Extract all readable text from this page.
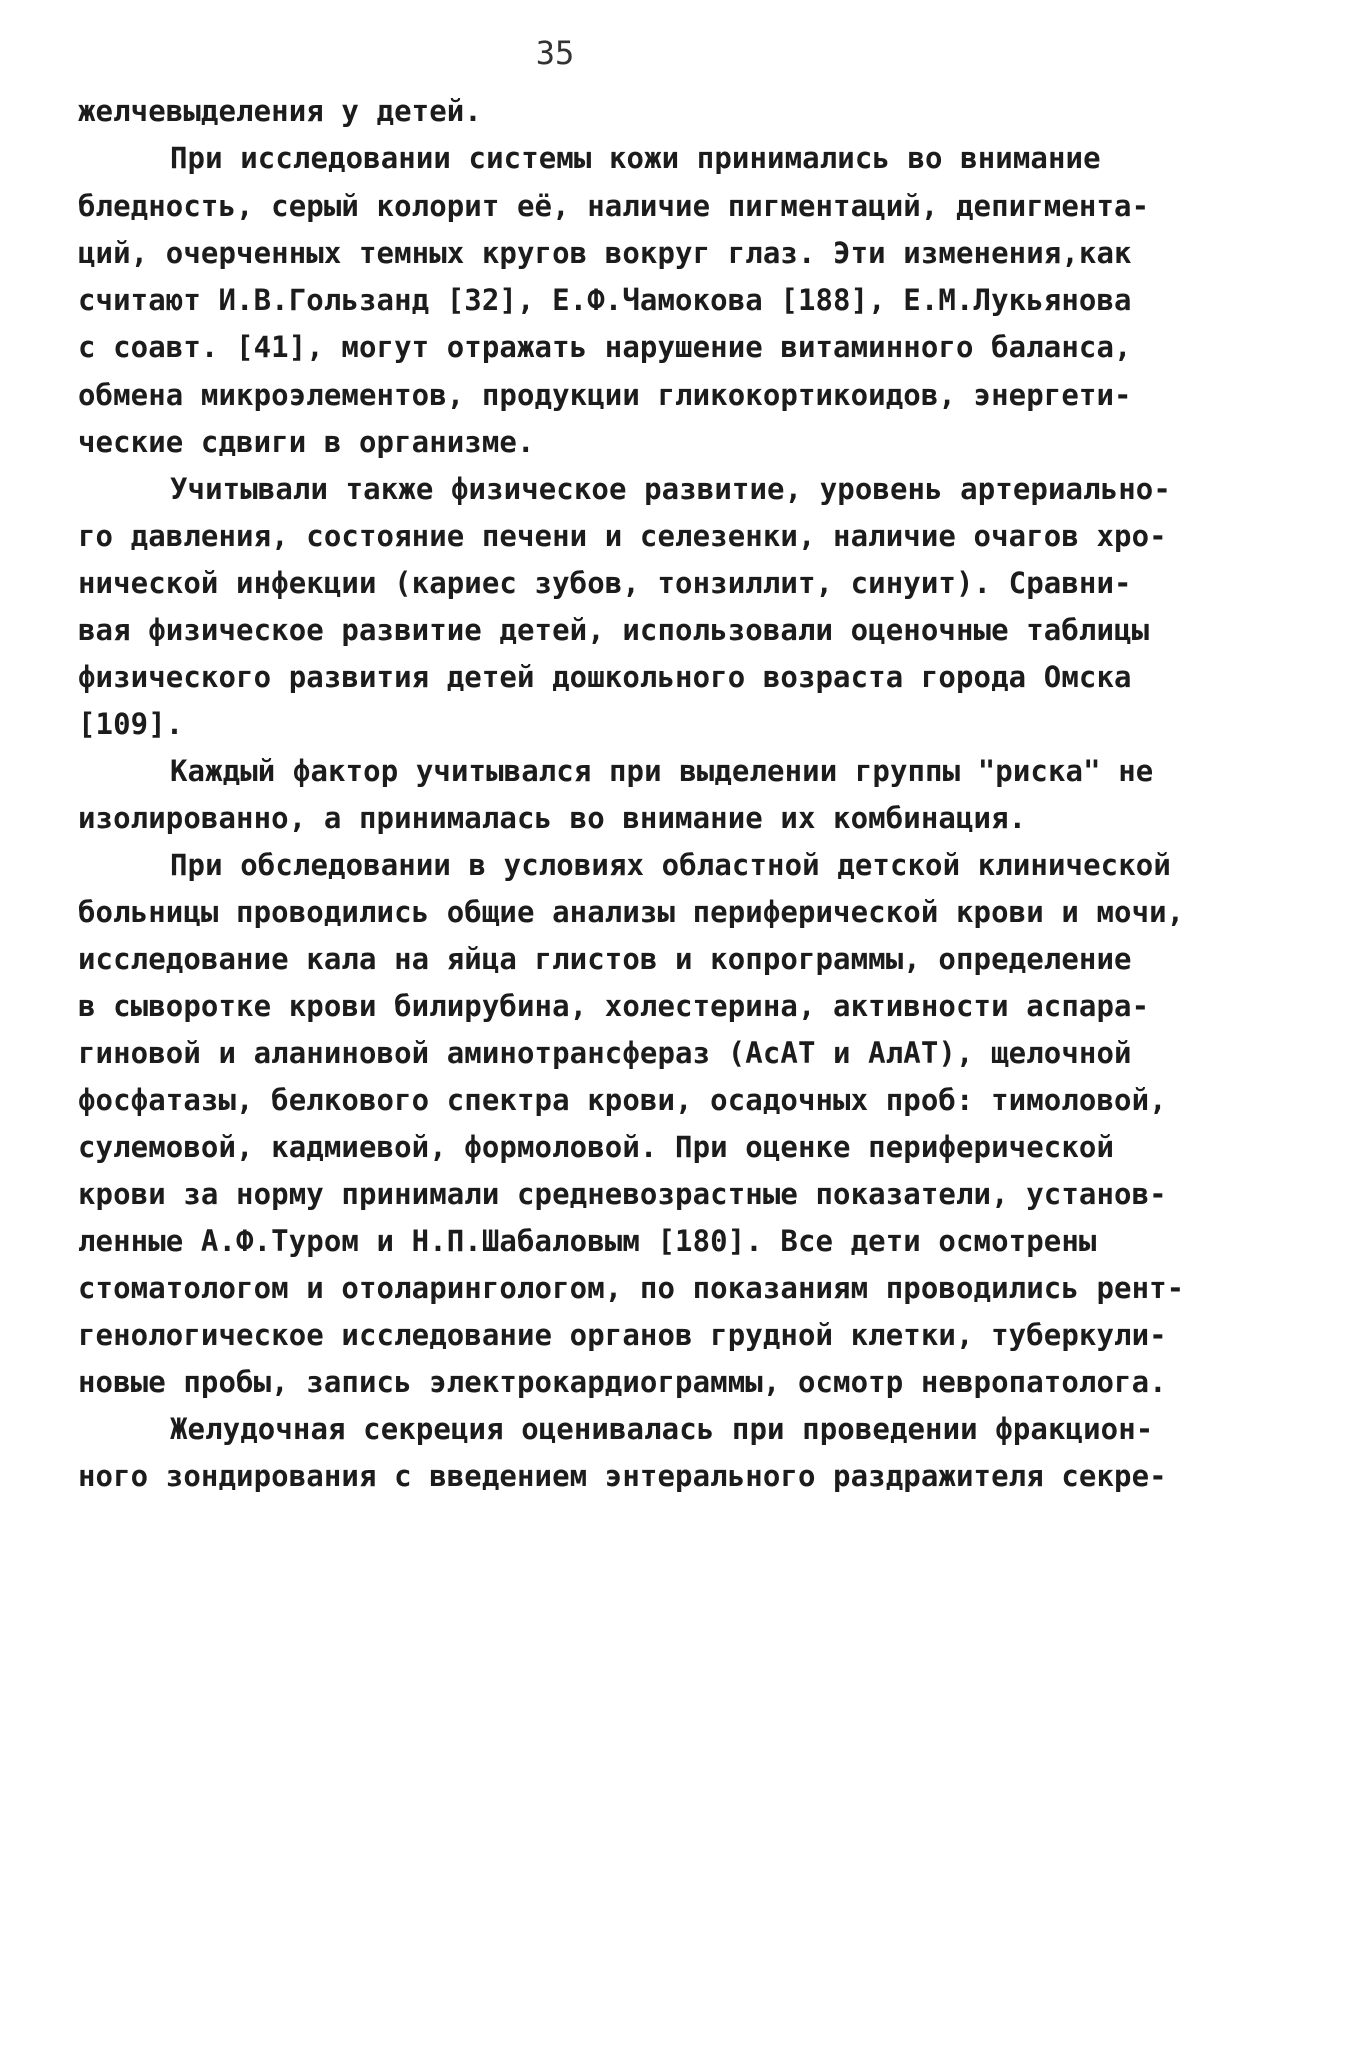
35
желчевыделения у детей.
При исследовании системы кожи принимались во внимание
бледность, серый колорит её, наличие пигментаций, депигмента-
ций, очерченных темных кругов вокруг глаз. Эти изменения,как
считают И.В.Гользанд [32], Е.Ф.Чамокова [188], Е.М.Лукьянова
с соавт. [41], могут отражать нарушение витаминного баланса,
обмена микроэлементов, продукции гликокортикоидов, энергети-
ческие сдвиги в организме.
Учитывали также физическое развитие, уровень артериально-
го давления, состояние печени и селезенки, наличие очагов хро-
нической инфекции (кариес зубов, тонзиллит, синуит). Сравни-
вая физическое развитие детей, использовали оценочные таблицы
физического развития детей дошкольного возраста города Омска
[109].
Каждый фактор учитывался при выделении группы "риска" не
изолированно, а принималась во внимание их комбинация.
При обследовании в условиях областной детской клинической
больницы проводились общие анализы периферической крови и мочи,
исследование кала на яйца глистов и копрограммы, определение
в сыворотке крови билирубина, холестерина, активности аспара-
гиновой и аланиновой аминотрансфераз (АсАТ и АлАТ), щелочной
фосфатазы, белкового спектра крови, осадочных проб: тимоловой,
сулемовой, кадмиевой, формоловой. При оценке периферической
крови за норму принимали средневозрастные показатели, установ-
ленные А.Ф.Туром и Н.П.Шабаловым [180]. Все дети осмотрены
стоматологом и отоларингологом, по показаниям проводились рент-
генологическое исследование органов грудной клетки, туберкули-
новые пробы, запись электрокардиограммы, осмотр невропатолога.
Желудочная секреция оценивалась при проведении фракцион-
ного зондирования с введением энтерального раздражителя секре-
